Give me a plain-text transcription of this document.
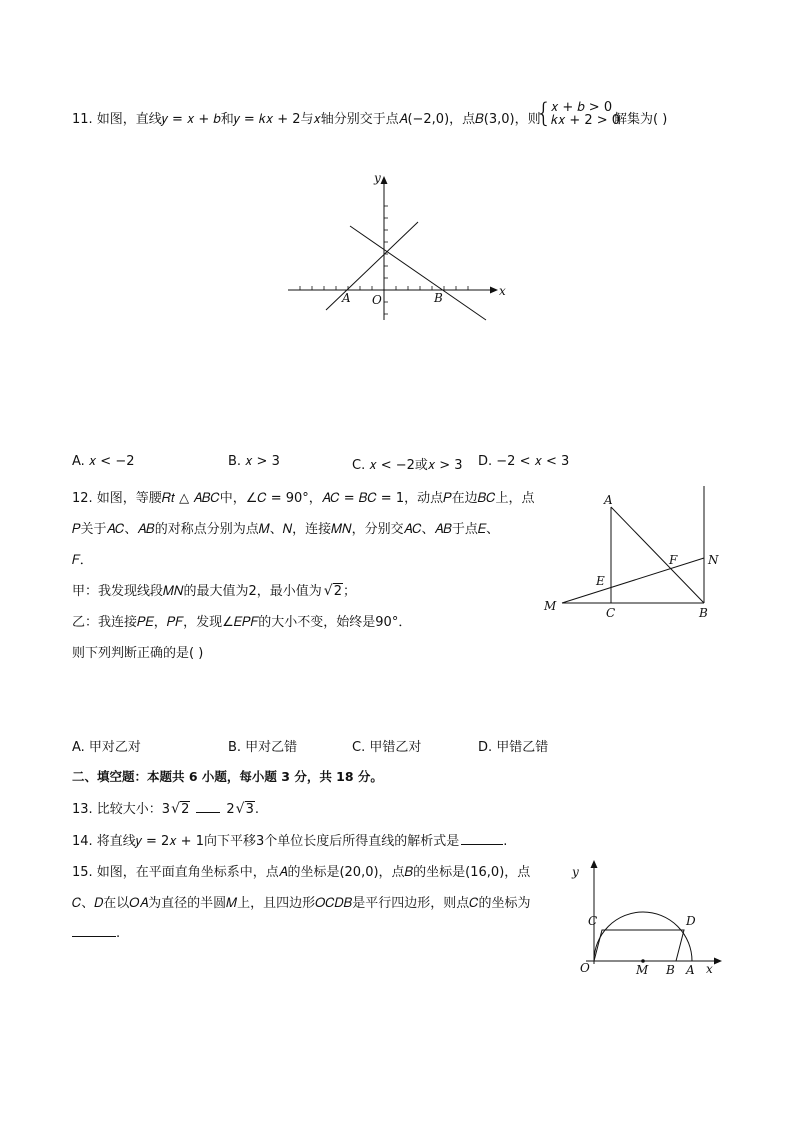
11. 如图，直线𝑦 = 𝑥 + 𝑏和𝑦 = 𝑘𝑥 + 2与𝑥轴分别交于点𝐴(−2,0)，点𝐵(3,0)，则
{
𝑥 + 𝑏 > 0
𝑘𝑥 + 2 > 0
解集为( )
y
x
A O	B
A. 𝑥 < −2	B. 𝑥 > 3	C. 𝑥 < −2或𝑥 > 3 D. −2 < 𝑥 < 3
12. 如图，等腰𝑅𝑡 △ 𝐴𝐵𝐶中，∠𝐶 = 90°，𝐴𝐶 = 𝐵𝐶 = 1，动点𝑃在边𝐵𝐶上，点
𝑃关于𝐴𝐶、𝐴𝐵的对称点分别为点𝑀、𝑁，连接𝑀𝑁，分别交𝐴𝐶、𝐴𝐵于点𝐸、
𝐹．
甲：我发现线段𝑀𝑁的最大值为2，最小值为 √ 2；
乙：我连接𝑃𝐸，𝑃𝐹，发现∠𝐸𝑃𝐹的大小不变，始终是90°．
则下列判断正确的是( )
A
F	N
E
M	C	B
A. 甲对乙对	B. 甲对乙错	C. 甲错乙对	D. 甲错乙错
二、填空题：本题共 6 小题，每小题 3 分，共 18 分。
13. 比较大小：3 √ 2	2 √ 3.
14. 将直线𝑦 = 2𝑥 + 1向下平移3个单位长度后所得直线的解析式是	.
15. 如图，在平面直角坐标系中，点𝐴的坐标是(20,0)，点𝐵的坐标是(16,0)，点
𝐶、𝐷在以𝑂𝐴为直径的半圆𝑀上，且四边形𝑂𝐶𝐷𝐵是平行四边形，则点𝐶的坐标为
.
y
x
C	D
O	M B A
